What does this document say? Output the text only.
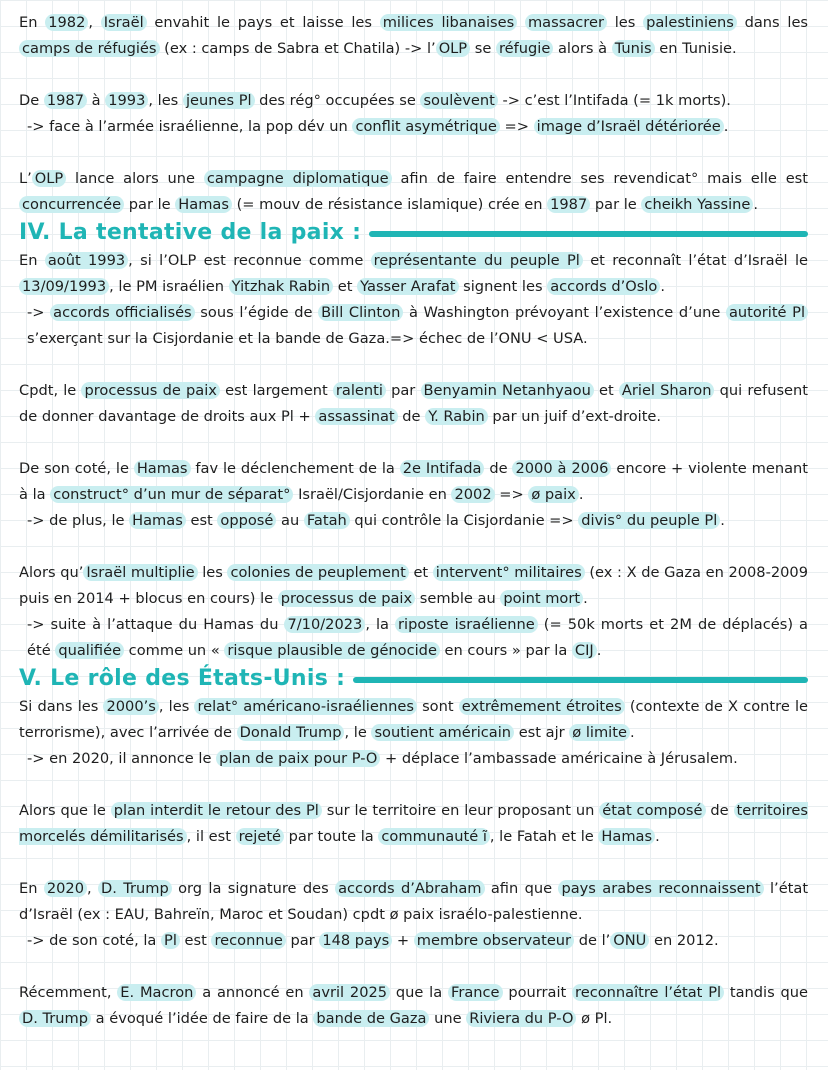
En 1982 , Israël envahit le pays et laisse les milices libanaises massacrer les palestiniens dans les camps de réfugiés (ex : camps de Sabra et Chatila) -> l’ OLP se réfugie alors à Tunis en Tunisie.

De 1987 à 1993 , les jeunes Pl des rég° occupées se soulèvent -> c’est l’Intifada (= 1k morts).

-> face à l’armée israélienne, la pop dév un conflit asymétrique => image d’Israël détériorée .

L’ OLP lance alors une campagne diplomatique afin de faire entendre ses revendicat° mais elle est concurrencée par le Hamas (= mouv de résistance islamique) crée en 1987 par le cheikh Yassine .

IV. La tentative de la paix :

En août 1993 , si l’OLP est reconnue comme représentante du peuple Pl et reconnaît l’état d’Israël le 13/09/1993 , le PM israélien Yitzhak Rabin et Yasser Arafat signent les accords d’Oslo .

-> accords officialisés sous l’égide de Bill Clinton à Washington prévoyant l’existence d’une autorité Pl s’exerçant sur la Cisjordanie et la bande de Gaza.=> échec de l’ONU < USA.

Cpdt, le processus de paix est largement ralenti par Benyamin Netanhyaou et Ariel Sharon qui refusent de donner davantage de droits aux Pl + assassinat de Y. Rabin par un juif d’ext-droite.

De son coté, le Hamas fav le déclenchement de la 2e Intifada de 2000 à 2006 encore + violente menant à la construct° d’un mur de séparat° Israël/Cisjordanie en 2002 => ø paix .

-> de plus, le Hamas est opposé au Fatah qui contrôle la Cisjordanie => divis° du peuple Pl .

Alors qu’ Israël multiplie les colonies de peuplement et intervent° militaires (ex : X de Gaza en 2008-2009 puis en 2014 + blocus en cours) le processus de paix semble au point mort .

-> suite à l’attaque du Hamas du 7/10/2023 , la riposte israélienne (= 50k morts et 2M de déplacés) a été qualifiée comme un « risque plausible de génocide en cours » par la CIJ .

V. Le rôle des États-Unis :

Si dans les 2000’s , les relat° américano-israéliennes sont extrêmement étroites (contexte de X contre le terrorisme), avec l’arrivée de Donald Trump , le soutient américain est ajr ø limite .

-> en 2020, il annonce le plan de paix pour P-O + déplace l’ambassade américaine à Jérusalem.

Alors que le plan interdit le retour des Pl sur le territoire en leur proposant un état composé de territoires morcelés démilitarisés , il est rejeté par toute la communauté ĩ , le Fatah et le Hamas .

En 2020 , D. Trump org la signature des accords d’Abraham afin que pays arabes reconnaissent l’état d’Israël (ex : EAU, Bahreïn, Maroc et Soudan) cpdt ø paix israélo-palestienne.

-> de son coté, la Pl est reconnue par 148 pays + membre observateur de l’ ONU en 2012.

Récemment, E. Macron a annoncé en avril 2025 que la France pourrait reconnaître l’état Pl tandis que D. Trump a évoqué l’idée de faire de la bande de Gaza une Riviera du P-O ø Pl.
